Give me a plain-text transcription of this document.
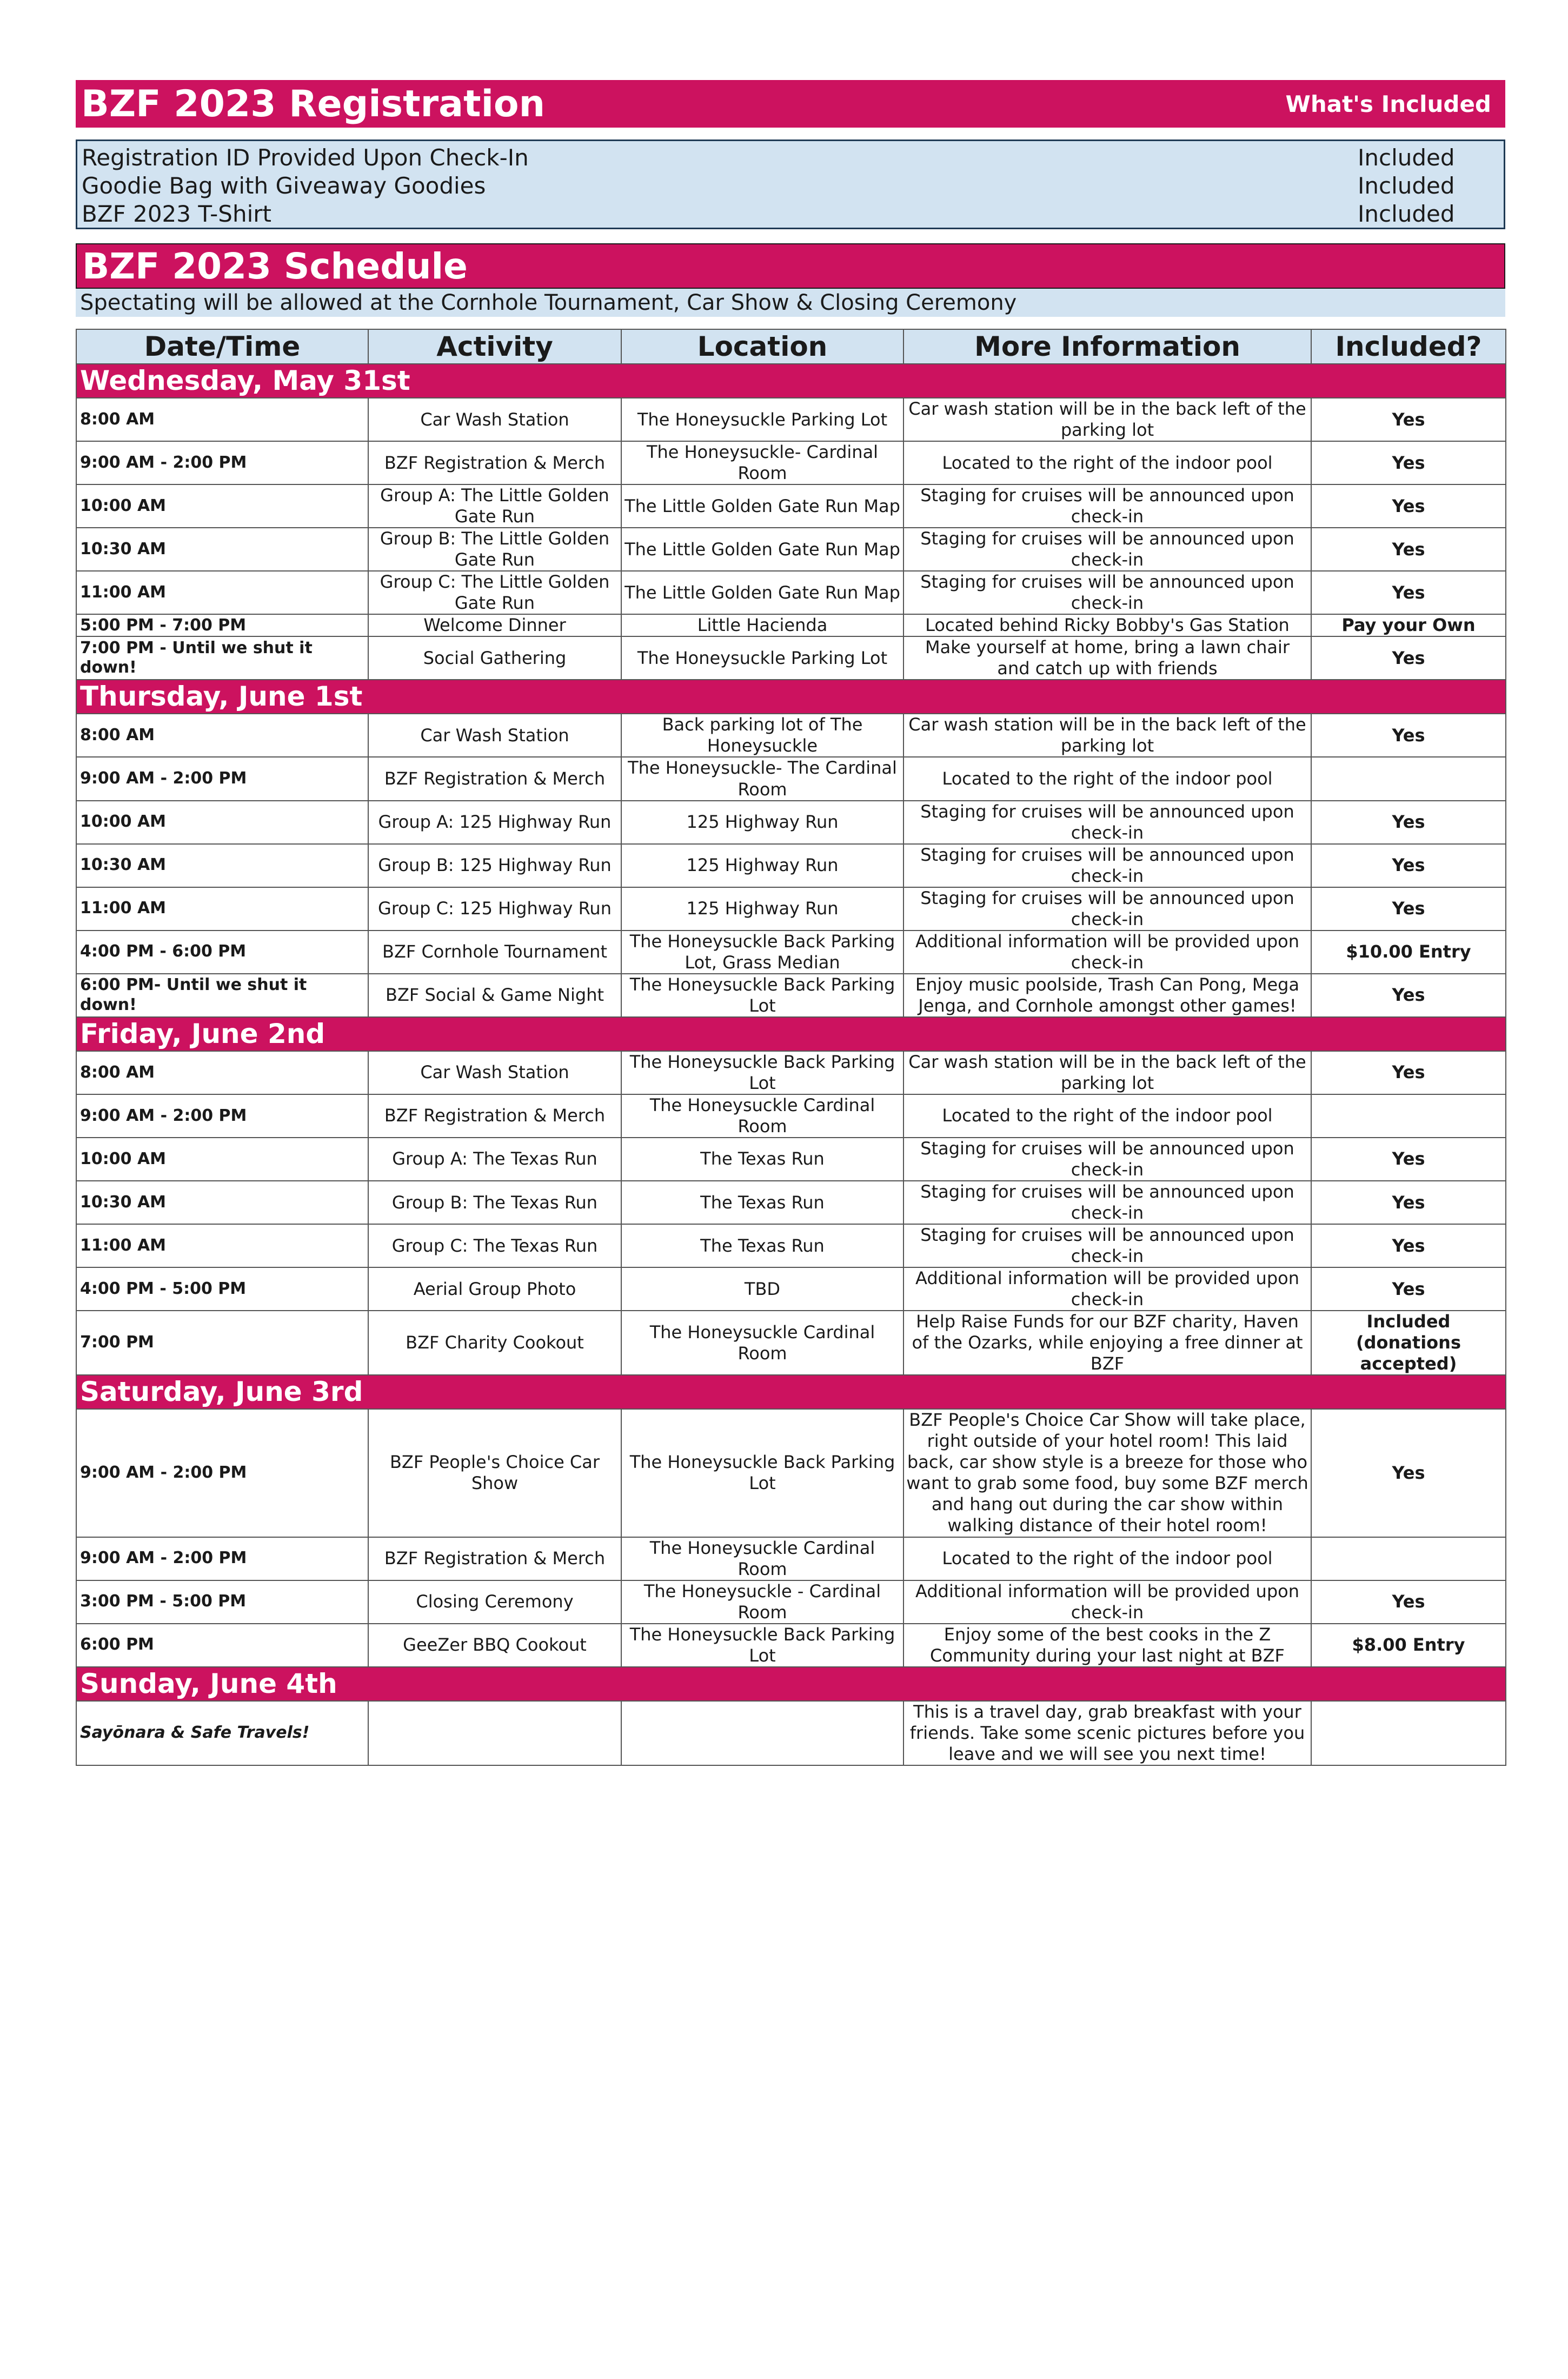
BZF 2023 Registration	What's Included
Registration ID Provided Upon Check-In	Included
Goodie Bag with Giveaway Goodies	Included
BZF 2023 T-Shirt	Included
BZF 2023 Schedule
Spectating will be allowed at the Cornhole Tournament, Car Show & Closing Ceremony
Date/Time	Activity	Location	More Information	Included?
Wednesday, May 31st				
8:00 AM	Car Wash Station	The Honeysuckle Parking Lot	Car wash station will be in the back left of the parking lot	Yes
9:00 AM - 2:00 PM	BZF Registration & Merch	The Honeysuckle- Cardinal Room	Located to the right of the indoor pool	Yes
10:00 AM	Group A: The Little Golden Gate Run	The Little Golden Gate Run Map	Staging for cruises will be announced upon check-in	Yes
10:30 AM	Group B: The Little Golden Gate Run	The Little Golden Gate Run Map	Staging for cruises will be announced upon check-in	Yes
11:00 AM	Group C: The Little Golden Gate Run	The Little Golden Gate Run Map	Staging for cruises will be announced upon check-in	Yes
5:00 PM - 7:00 PM	Welcome Dinner	Little Hacienda	Located behind Ricky Bobby's Gas Station	Pay your Own
7:00 PM - Until we shut it down!	Social Gathering	The Honeysuckle Parking Lot	Make yourself at home, bring a lawn chair and catch up with friends	Yes
Thursday, June 1st				
8:00 AM	Car Wash Station	Back parking lot of The Honeysuckle	Car wash station will be in the back left of the parking lot	Yes
9:00 AM - 2:00 PM	BZF Registration & Merch	The Honeysuckle- The Cardinal Room	Located to the right of the indoor pool	
10:00 AM	Group A: 125 Highway Run	125 Highway Run	Staging for cruises will be announced upon check-in	Yes
10:30 AM	Group B: 125 Highway Run	125 Highway Run	Staging for cruises will be announced upon check-in	Yes
11:00 AM	Group C: 125 Highway Run	125 Highway Run	Staging for cruises will be announced upon check-in	Yes
4:00 PM - 6:00 PM	BZF Cornhole Tournament	The Honeysuckle Back Parking Lot, Grass Median	Additional information will be provided upon check-in	$10.00 Entry
6:00 PM- Until we shut it down!	BZF Social & Game Night	The Honeysuckle Back Parking Lot	Enjoy music poolside, Trash Can Pong, Mega Jenga, and Cornhole amongst other games!	Yes
Friday, June 2nd				
8:00 AM	Car Wash Station	The Honeysuckle Back Parking Lot	Car wash station will be in the back left of the parking lot	Yes
9:00 AM - 2:00 PM	BZF Registration & Merch	The Honeysuckle Cardinal Room	Located to the right of the indoor pool	
10:00 AM	Group A: The Texas Run	The Texas Run	Staging for cruises will be announced upon check-in	Yes
10:30 AM	Group B: The Texas Run	The Texas Run	Staging for cruises will be announced upon check-in	Yes
11:00 AM	Group C: The Texas Run	The Texas Run	Staging for cruises will be announced upon check-in	Yes
4:00 PM - 5:00 PM	Aerial Group Photo	TBD	Additional information will be provided upon check-in	Yes
7:00 PM	BZF Charity Cookout	The Honeysuckle Cardinal Room	Help Raise Funds for our BZF charity, Haven of the Ozarks, while enjoying a free dinner at BZF	Included (donations accepted)
Saturday, June 3rd				
9:00 AM - 2:00 PM	BZF People's Choice Car Show	The Honeysuckle Back Parking Lot	BZF People's Choice Car Show will take place, right outside of your hotel room! This laid back, car show style is a breeze for those who want to grab some food, buy some BZF merch and hang out during the car show within walking distance of their hotel room!	Yes
9:00 AM - 2:00 PM	BZF Registration & Merch	The Honeysuckle Cardinal Room	Located to the right of the indoor pool	
3:00 PM - 5:00 PM	Closing Ceremony	The Honeysuckle - Cardinal Room	Additional information will be provided upon check-in	Yes
6:00 PM	GeeZer BBQ Cookout	The Honeysuckle Back Parking Lot	Enjoy some of the best cooks in the Z Community during your last night at BZF	$8.00 Entry
Sunday, June 4th				
Sayōnara & Safe Travels!			This is a travel day, grab breakfast with your friends. Take some scenic pictures before you leave and we will see you next time!	
